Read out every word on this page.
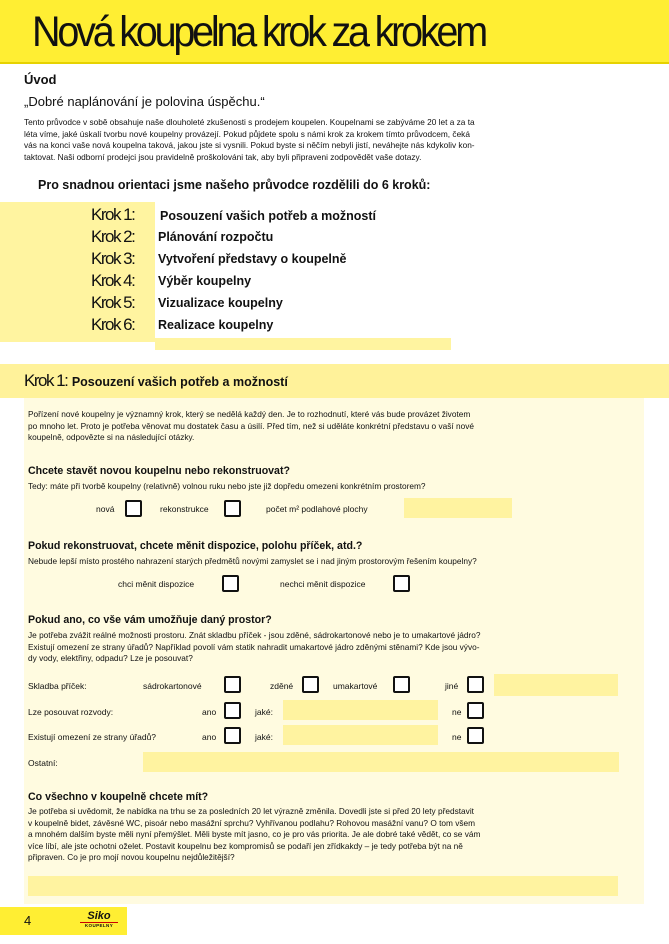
Nová koupelna krok za krokem
Úvod
„Dobré naplánování je polovina úspěchu.“
Tento průvodce v sobě obsahuje naše dlouholeté zkušenosti s prodejem koupelen. Koupelnami se zabýváme 20 let a za ta
léta víme, jaké úskalí tvorbu nové koupelny provázejí. Pokud půjdete spolu s námi krok za krokem tímto průvodcem, čeká
vás na konci vaše nová koupelna taková, jakou jste si vysnili. Pokud byste si něčím nebyli jistí, neváhejte nás kdykoliv kon-
taktovat. Naši odborní prodejci jsou pravidelně proškolováni tak, aby byli připraveni zodpovědět vaše dotazy.
Pro snadnou orientaci jsme našeho průvodce rozdělili do 6 kroků:
Krok 1: Posouzení vašich potřeb a možností
Krok 2: Plánování rozpočtu
Krok 3: Vytvoření představy o koupelně
Krok 4: Výběr koupelny
Krok 5: Vizualizace koupelny
Krok 6: Realizace koupelny
Krok 1: Posouzení vašich potřeb a možností
Pořízení nové koupelny je významný krok, který se nedělá každý den. Je to rozhodnutí, které vás bude provázet životem
po mnoho let. Proto je potřeba věnovat mu dostatek času a úsilí. Před tím, než si uděláte konkrétní představu o vaší nové
koupelně, odpovězte si na následující otázky.
Chcete stavět novou koupelnu nebo rekonstruovat?
Tedy: máte při tvorbě koupelny (relativně) volnou ruku nebo jste již dopředu omezeni konkrétním prostorem?
nová	rekonstrukce	počet m² podlahové plochy
Pokud rekonstruovat, chcete měnit dispozice, polohu příček, atd.?
Nebude lepší místo prostého nahrazení starých předmětů novými zamyslet se i nad jiným prostorovým řešením koupelny?
chci měnit dispozice	nechci měnit dispozice
Pokud ano, co vše vám umožňuje daný prostor?
Je potřeba zvážit reálné možnosti prostoru. Znát skladbu příček - jsou zděné, sádrokartonové nebo je to umakartové jádro?
Existují omezení ze strany úřadů? Například povolí vám statik nahradit umakartové jádro zděnými stěnami? Kde jsou vývo-
dy vody, elektřiny, odpadu? Lze je posouvat?
Skladba příček:	sádrokartonové	zděné	umakartové	jiné
Lze posouvat rozvody:	ano	jaké:	ne
Existují omezení ze strany úřadů?	ano	jaké:	ne
Ostatní:
Co všechno v koupelně chcete mít?
Je potřeba si uvědomit, že nabídka na trhu se za posledních 20 let výrazně změnila. Dovedli jste si před 20 lety představit
v koupelně bidet, závěsné WC, pisoár nebo masážní sprchu? Vyhřívanou podlahu? Rohovou masážní vanu? O tom všem
a mnohém dalším byste měli nyní přemýšlet. Měli byste mít jasno, co je pro vás priorita. Je ale dobré také vědět, co se vám
více líbí, ale jste ochotni oželet. Postavit koupelnu bez kompromisů se podaří jen zřídkakdy – je tedy potřeba být na ně
připraven. Co je pro mojí novou koupelnu nejdůležitější?
4	Siko
KOUPELNY
